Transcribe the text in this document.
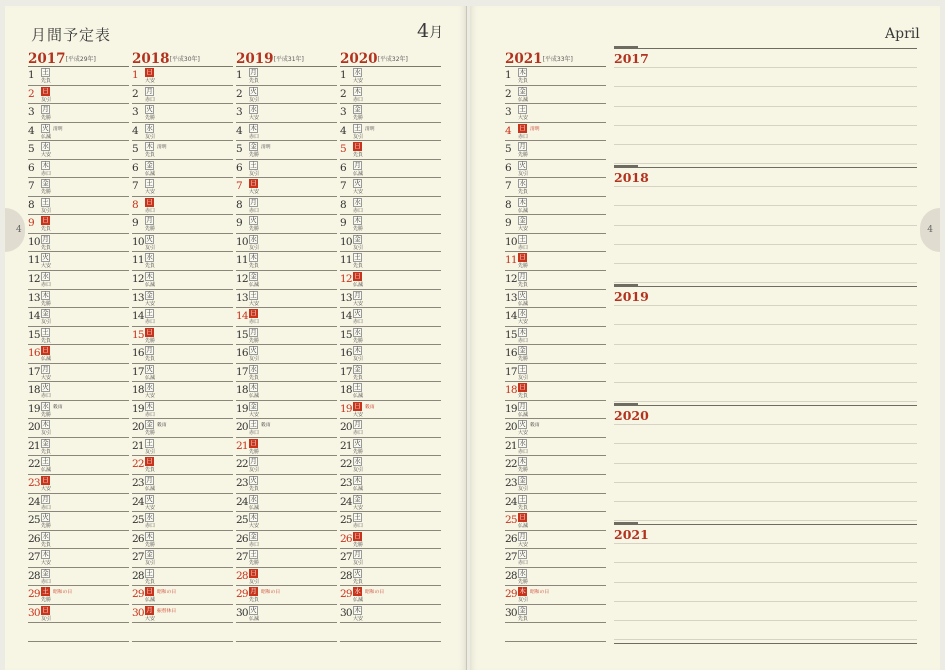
月間予定表	4月
4
2017[平成29年]
1	土
先負
2	日
友引
3	月
先勝
4	火
仏滅
清明
5	水
大安
6	木
赤口
7	金
先勝
8	土
友引
9	日
先負
10 月
先負
11 火
大安
12 水
赤口
13 木
先勝
14 金
友引
15 土
先負
16 日
仏滅
17 月
大安
18 火
赤口
19 水
先勝
穀雨
20 木
友引
21 金
先負
22 土
仏滅
23 日
大安
24 月
赤口
25 火
先勝
26 水
先負
27 木
大安
28 金
赤口
29 土
先勝
昭和の日
30 日
友引
2018[平成30年]
1	日
大安
2	月
赤口
3	火
先勝
4	水
友引
5	木
先負
清明
6	金
仏滅
7	土
大安
8	日
赤口
9	月
先勝
10 火
友引
11 水
先負
12 木
仏滅
13 金
大安
14 土
赤口
15 日
先勝
16 月
先負
17 火
仏滅
18 水
大安
19 木
赤口
20 金
先勝
穀雨
21 土
友引
22 日
先負
23 月
仏滅
24 火
大安
25 水
赤口
26 木
先勝
27 金
友引
28 土
先負
29 日
仏滅
昭和の日
30 月
大安
振替休日
2019[平成31年]
1	月
先負
2	火
友引
3	水
大安
4	木
赤口
5	金
先勝
清明
6	土
友引
7	日
大安
8	月
赤口
9	火
先勝
10 水
友引
11 木
先負
12 金
仏滅
13 土
大安
14 日
赤口
15 月
先勝
16 火
友引
17 水
先負
18 木
仏滅
19 金
大安
20 土
赤口
穀雨
21 日
先勝
22 月
友引
23 火
先負
24 水
仏滅
25 木
大安
26 金
赤口
27 土
先勝
28 日
友引
29 月
先負
昭和の日
30 火
仏滅
2020[平成32年]
1	水
大安
2	木
赤口
3	金
先勝
4	土
友引
清明
5	日
先負
6	月
仏滅
7	火
大安
8	水
赤口
9	木
先勝
10 金
友引
11 土
先負
12 日
仏滅
13 月
大安
14 火
赤口
15 水
先勝
16 木
友引
17 金
先負
18 土
仏滅
19 日
大安
穀雨
20 月
赤口
21 火
先勝
22 水
友引
23 木
仏滅
24 金
大安
25 土
赤口
26 日
先勝
27 月
友引
28 火
先負
29 水
仏滅
昭和の日
30 木
大安
April
4
2021[平成33年]
1	木
先負
2	金
仏滅
3	土
大安
4	日
赤口
清明
5	月
先勝
6	火
友引
7	水
先負
8	木
仏滅
9	金
大安
10 土
赤口
11 日
先勝
12 月
先負
13 火
仏滅
14 水
大安
15 木
赤口
16 金
先勝
17 土
友引
18 日
先負
19 月
仏滅
20 火
大安
穀雨
21 水
赤口
22 木
先勝
23 金
友引
24 土
先負
25 日
仏滅
26 月
大安
27 火
赤口
28 水
先勝
29 木
友引
昭和の日
30 金
先負
2017
2018
2019
2020
2021
